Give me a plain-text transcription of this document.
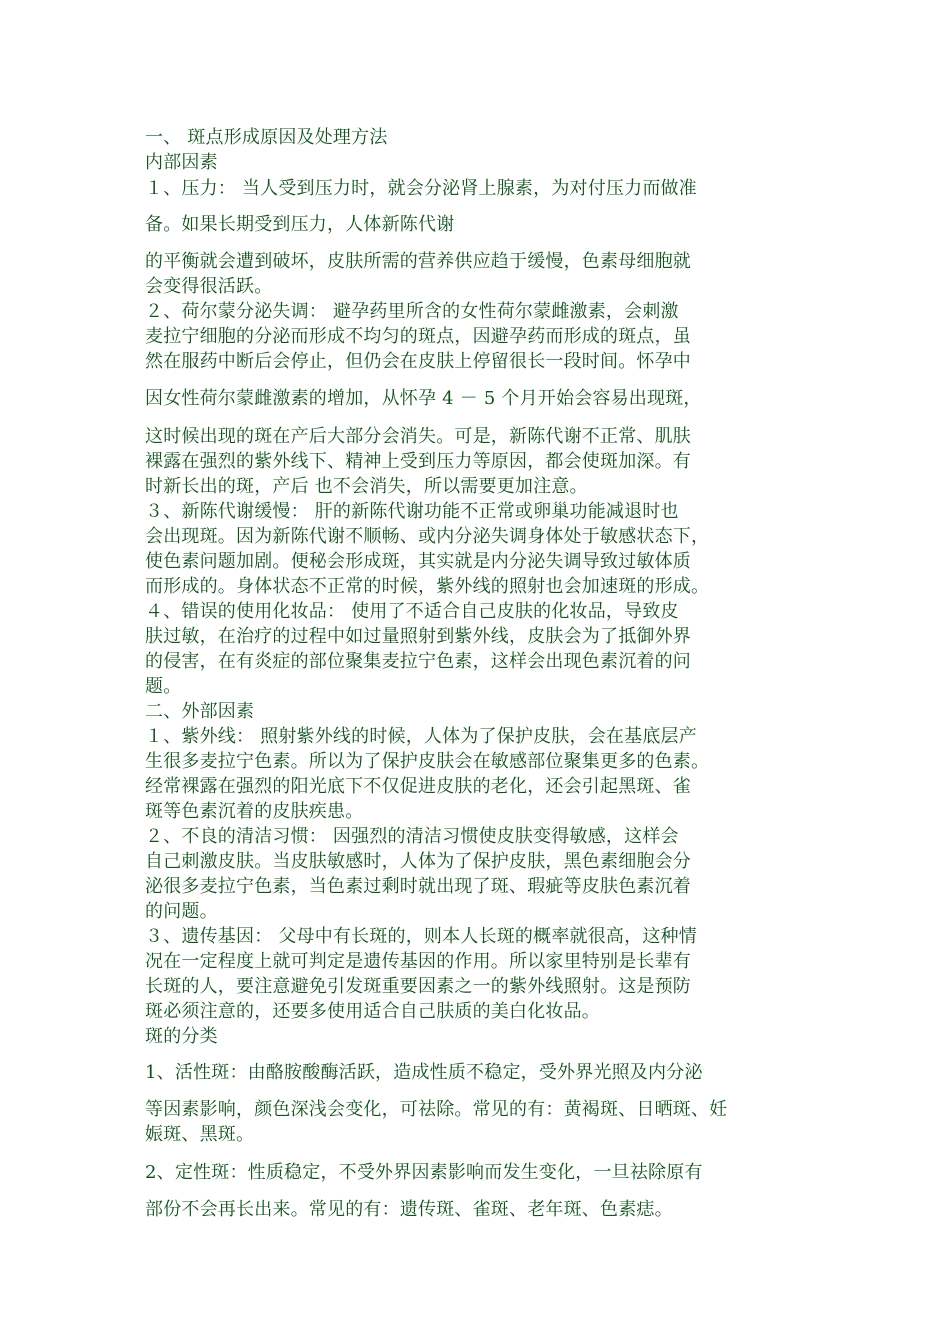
一、 斑点形成原因及处理方法
内部因素
１、压力： 当人受到压力时，就会分泌肾上腺素，为对付压力而做准
备。如果长期受到压力，人体新陈代谢
的平衡就会遭到破坏，皮肤所需的营养供应趋于缓慢，色素母细胞就
会变得很活跃。
２、荷尔蒙分泌失调： 避孕药里所含的女性荷尔蒙雌激素，会刺激
麦拉宁细胞的分泌而形成不均匀的斑点，因避孕药而形成的斑点，虽
然在服药中断后会停止，但仍会在皮肤上停留很长一段时间。怀孕中
因女性荷尔蒙雌激素的增加，从怀孕 4 － 5 个月开始会容易出现斑，
这时候出现的斑在产后大部分会消失。可是，新陈代谢不正常、肌肤
裸露在强烈的紫外线下、精神上受到压力等原因，都会使斑加深。有
时新长出的斑，产后 也不会消失，所以需要更加注意。
３、新陈代谢缓慢： 肝的新陈代谢功能不正常或卵巢功能减退时也
会出现斑。因为新陈代谢不顺畅、或内分泌失调身体处于敏感状态下，
使色素问题加剧。便秘会形成斑，其实就是内分泌失调导致过敏体质
而形成的。身体状态不正常的时候，紫外线的照射也会加速斑的形成。
４、错误的使用化妆品： 使用了不适合自己皮肤的化妆品，导致皮
肤过敏，在治疗的过程中如过量照射到紫外线，皮肤会为了抵御外界
的侵害，在有炎症的部位聚集麦拉宁色素，这样会出现色素沉着的问
题。
二、外部因素
１、紫外线： 照射紫外线的时候，人体为了保护皮肤，会在基底层产
生很多麦拉宁色素。所以为了保护皮肤会在敏感部位聚集更多的色素。
经常裸露在强烈的阳光底下不仅促进皮肤的老化，还会引起黑斑、雀
斑等色素沉着的皮肤疾患。
２、不良的清洁习惯： 因强烈的清洁习惯使皮肤变得敏感，这样会
自己刺激皮肤。当皮肤敏感时，人体为了保护皮肤，黑色素细胞会分
泌很多麦拉宁色素，当色素过剩时就出现了斑、瑕疵等皮肤色素沉着
的问题。
３、遗传基因： 父母中有长斑的，则本人长斑的概率就很高，这种情
况在一定程度上就可判定是遗传基因的作用。所以家里特别是长辈有
长斑的人，要注意避免引发斑重要因素之一的紫外线照射。这是预防
斑必须注意的，还要多使用适合自己肤质的美白化妆品。
斑的分类
1、活性斑：由酪胺酸酶活跃，造成性质不稳定，受外界光照及内分泌
等因素影响，颜色深浅会变化，可祛除。常见的有：黄褐斑、日晒斑、妊
娠斑、黑斑。
2、定性斑：性质稳定，不受外界因素影响而发生变化，一旦祛除原有
部份不会再长出来。常见的有：遗传斑、雀斑、老年斑、色素痣。
